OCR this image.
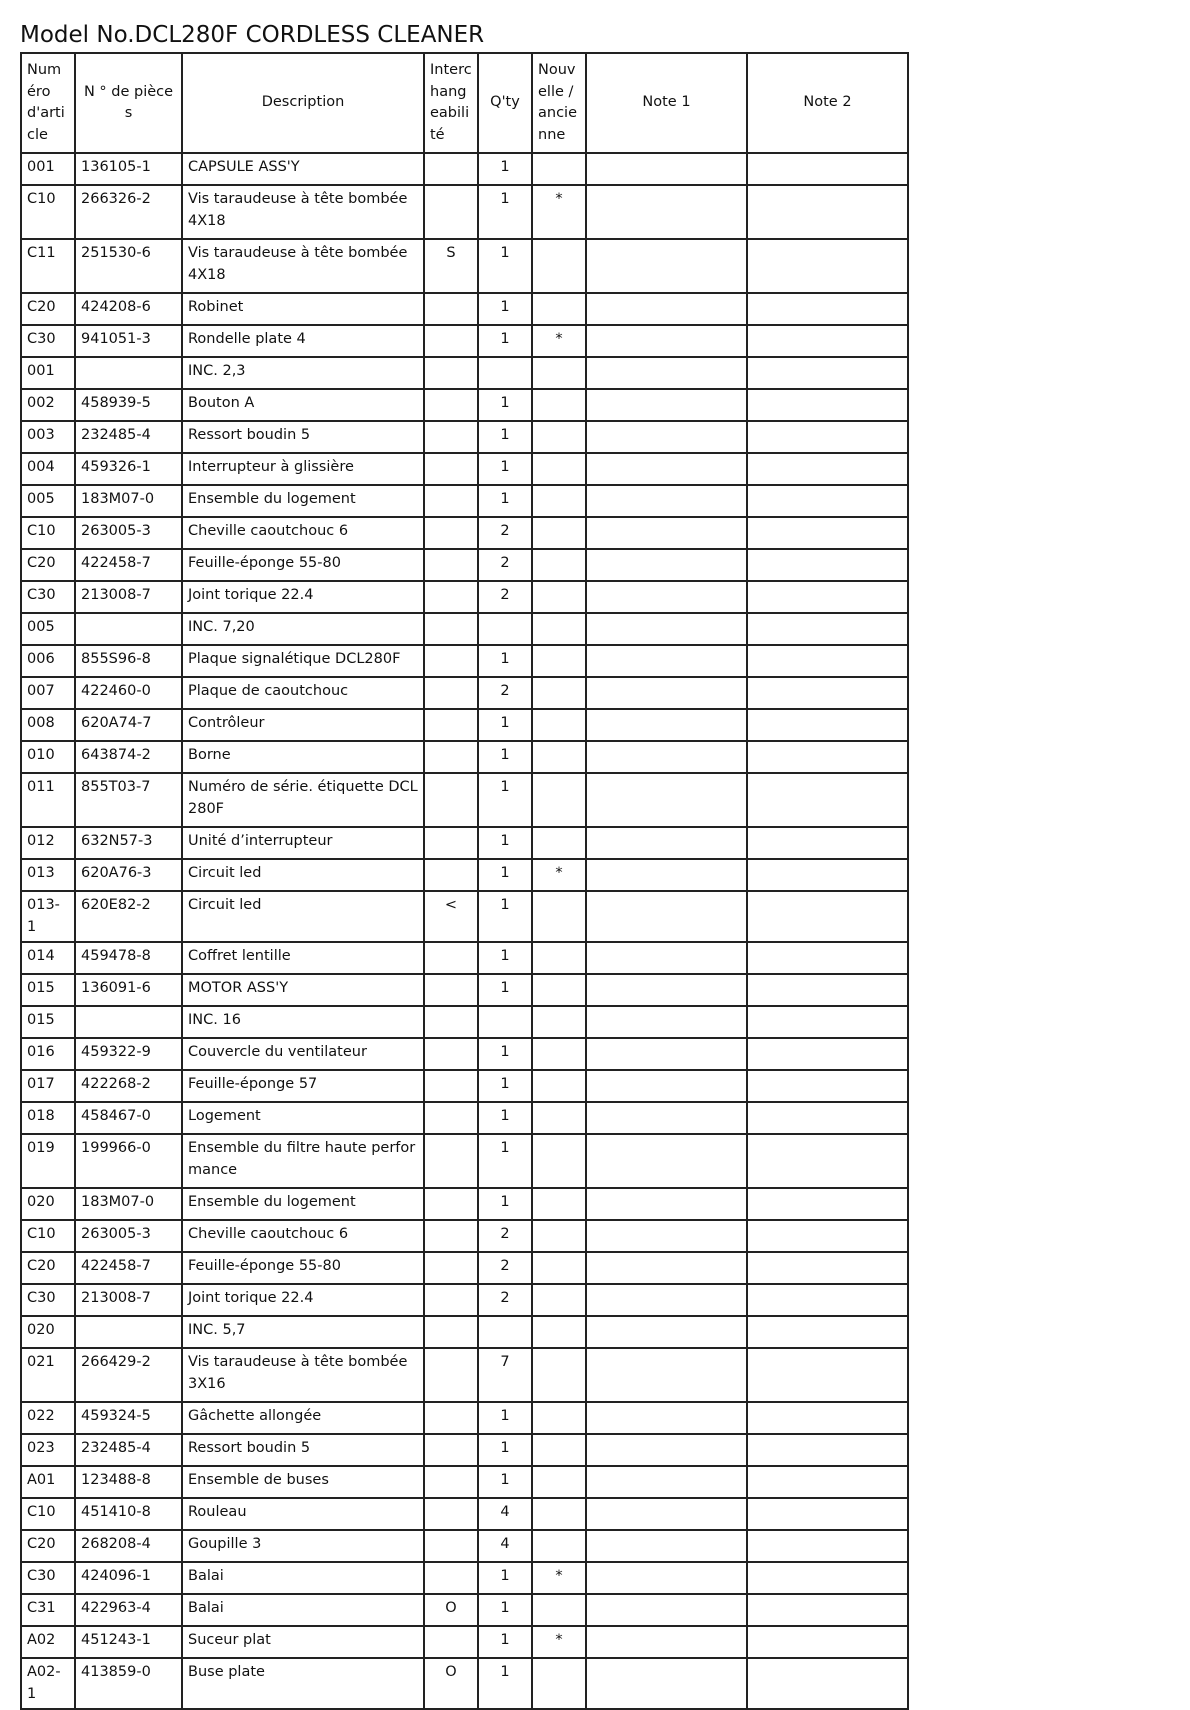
Model No.DCL280F CORDLESS CLEANER
Numéro d'article	N ° de pièces	Description	Interchangeabilité	Q'ty	Nouvelle / ancienne	Note 1	Note 2
001	136105-1	CAPSULE ASS'Y		1			
C10	266326-2	Vis taraudeuse à tête bombée 4X18		1	*		
C11	251530-6	Vis taraudeuse à tête bombée 4X18	S	1			
C20	424208-6	Robinet		1			
C30	941051-3	Rondelle plate 4		1	*		
001		INC. 2,3					
002	458939-5	Bouton A		1			
003	232485-4	Ressort boudin 5		1			
004	459326-1	Interrupteur à glissière		1			
005	183M07-0	Ensemble du logement		1			
C10	263005-3	Cheville caoutchouc 6		2			
C20	422458-7	Feuille-éponge 55-80		2			
C30	213008-7	Joint torique 22.4		2			
005		INC. 7,20					
006	855S96-8	Plaque signalétique DCL280F		1			
007	422460-0	Plaque de caoutchouc		2			
008	620A74-7	Contrôleur		1			
010	643874-2	Borne		1			
011	855T03-7	Numéro de série. étiquette DCL280F		1			
012	632N57-3	Unité d’interrupteur		1			
013	620A76-3	Circuit led		1	*		
013-1	620E82-2	Circuit led	<	1			
014	459478-8	Coffret lentille		1			
015	136091-6	MOTOR ASS'Y		1			
015		INC. 16					
016	459322-9	Couvercle du ventilateur		1			
017	422268-2	Feuille-éponge 57		1			
018	458467-0	Logement		1			
019	199966-0	Ensemble du filtre haute performance		1			
020	183M07-0	Ensemble du logement		1			
C10	263005-3	Cheville caoutchouc 6		2			
C20	422458-7	Feuille-éponge 55-80		2			
C30	213008-7	Joint torique 22.4		2			
020		INC. 5,7					
021	266429-2	Vis taraudeuse à tête bombée 3X16		7			
022	459324-5	Gâchette allongée		1			
023	232485-4	Ressort boudin 5		1			
A01	123488-8	Ensemble de buses		1			
C10	451410-8	Rouleau		4			
C20	268208-4	Goupille 3		4			
C30	424096-1	Balai		1	*		
C31	422963-4	Balai	O	1			
A02	451243-1	Suceur plat		1	*		
A02-1	413859-0	Buse plate	O	1			
